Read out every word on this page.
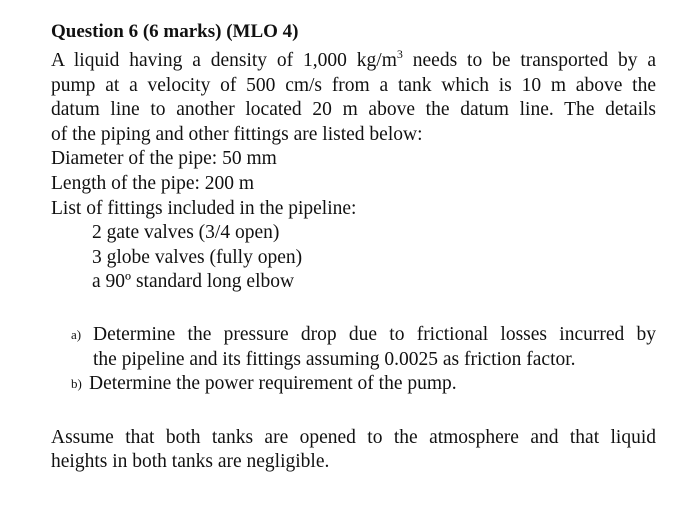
Question 6 (6 marks) (MLO 4)
A liquid having a density of 1,000 $kg/m^3$ needs to be transported by a
pump at a velocity of 500 cm/s from a tank which is 10 m above the
datum line to another located 20 m above the datum line. The details
of the piping and other fittings are listed below:
Diameter of the pipe: 50 mm
Length of the pipe: 200 m
List of fittings included in the pipeline:
2 gate valves (3/4 open)
3 globe valves (fully open)
a 90º standard long elbow
a) Determine the pressure drop due to frictional losses incurred by
the pipeline and its fittings assuming 0.0025 as friction factor.
b) Determine the power requirement of the pump.
Assume that both tanks are opened to the atmosphere and that liquid
heights in both tanks are negligible.
